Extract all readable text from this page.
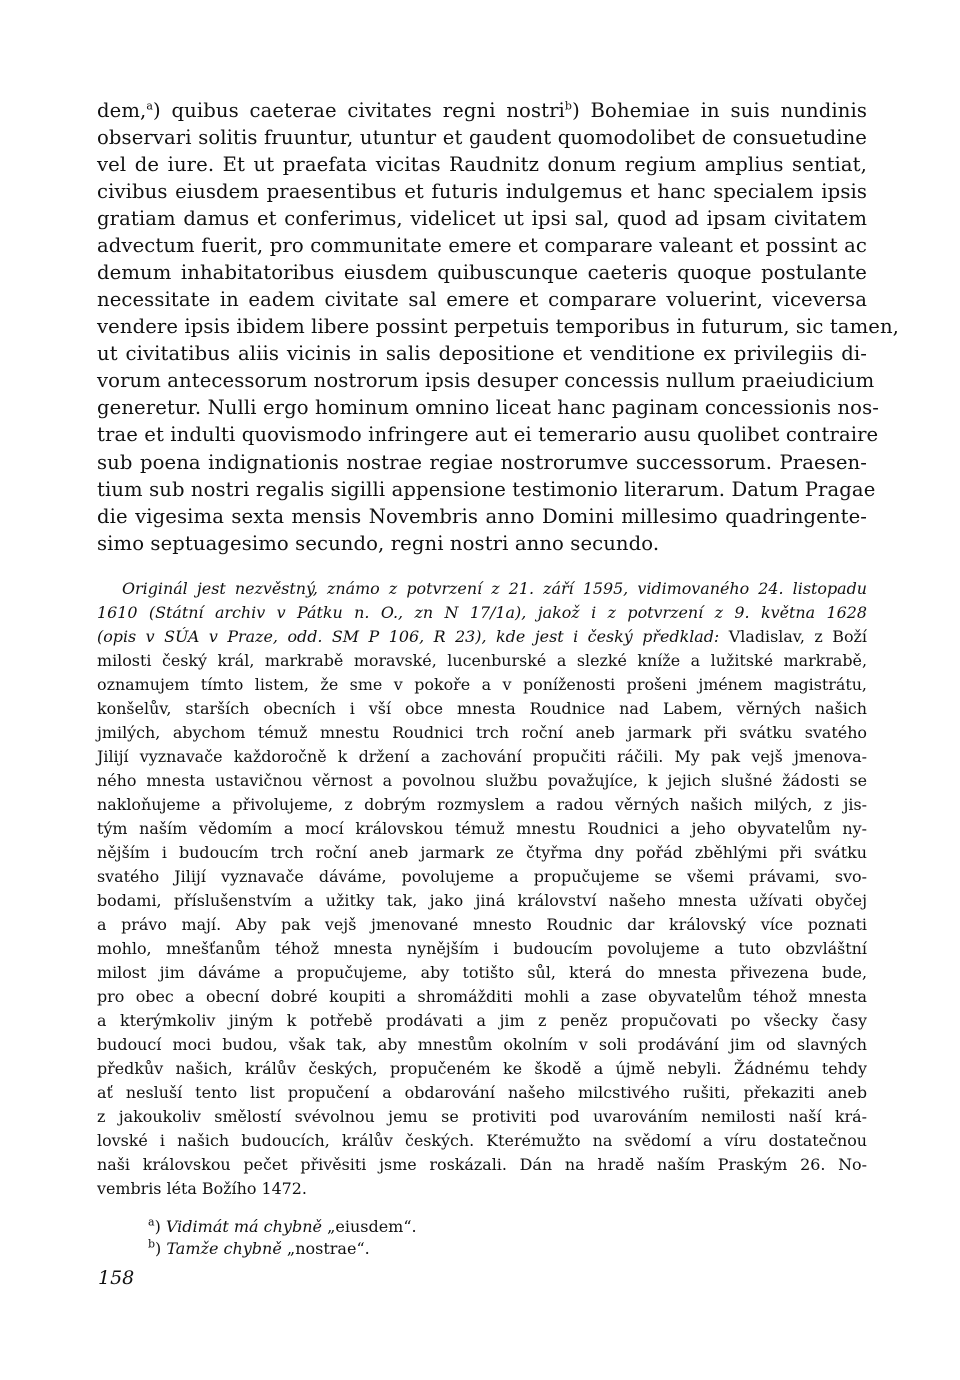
dem,$^a$) quibus caeterae civitates regni nostri$^b$) Bohemiae in suis nundinis
observari solitis fruuntur, utuntur et gaudent quomodolibet de consuetudine
vel de iure. Et ut praefata vicitas Raudnitz donum regium amplius sentiat,
civibus eiusdem praesentibus et futuris indulgemus et hanc specialem ipsis
gratiam damus et conferimus, videlicet ut ipsi sal, quod ad ipsam civitatem
advectum fuerit, pro communitate emere et comparare valeant et possint ac
demum inhabitatoribus eiusdem quibuscunque caeteris quoque postulante
necessitate in eadem civitate sal emere et comparare voluerint, viceversa
vendere ipsis ibidem libere possint perpetuis temporibus in futurum, sic tamen,
ut civitatibus aliis vicinis in salis depositione et venditione ex privilegiis di-
vorum antecessorum nostrorum ipsis desuper concessis nullum praeiudicium
generetur. Nulli ergo hominum omnino liceat hanc paginam concessionis nos-
trae et indulti quovismodo infringere aut ei temerario ausu quolibet contraire
sub poena indignationis nostrae regiae nostrorumve successorum. Praesen-
tium sub nostri regalis sigilli appensione testimonio literarum. Datum Pragae
die vigesima sexta mensis Novembris anno Domini millesimo quadringente-
simo septuagesimo secundo, regni nostri anno secundo.
Originál jest nezvěstný, známo z potvrzení z 21. září 1595, vidimovaného 24. listopadu
1610 (Státní archiv v Pátku n. O., zn N 17/1a), jakož i z potvrzení z 9. května 1628
(opis v SÚA v Praze, odd. SM P 106, R 23), kde jest i český předklad: Vladislav, z Boží
milosti český král, markrabě moravské, lucenburské a slezké kníže a lužitské markrabě,
oznamujem tímto listem, že sme v pokoře a v poníženosti prošeni jménem magistrátu,
konšelův, starších obecních i vší obce mnesta Roudnice nad Labem, věrných našich
jmilých, abychom témuž mnestu Roudnici trch roční aneb jarmark při svátku svatého
Jilijí vyznavače každoročně k držení a zachování propučiti ráčili. My pak vejš jmenova-
ného mnesta ustavičnou věrnost a povolnou službu považujíce, k jejich slušné žádosti se
nakloňujeme a přivolujeme, z dobrým rozmyslem a radou věrných našich milých, z jis-
tým naším vědomím a mocí královskou témuž mnestu Roudnici a jeho obyvatelům ny-
nějším i budoucím trch roční aneb jarmark ze čtyřma dny pořád zběhlými při svátku
svatého Jilijí vyznavače dáváme, povolujeme a propučujeme se všemi právami, svo-
bodami, příslušenstvím a užitky tak, jako jiná království našeho mnesta užívati obyčej
a právo mají. Aby pak vejš jmenované mnesto Roudnic dar královský více poznati
mohlo, mnešťanům téhož mnesta nynějším i budoucím povolujeme a tuto obzvláštní
milost jim dáváme a propučujeme, aby totišto sůl, která do mnesta přivezena bude,
pro obec a obecní dobré koupiti a shromážditi mohli a zase obyvatelům téhož mnesta
a kterýmkoliv jiným k potřebě prodávati a jim z peněz propučovati po všecky časy
budoucí moci budou, však tak, aby mnestům okolním v soli prodávání jim od slavných
předkův našich, králův českých, propučeném ke škodě a újmě nebyli. Žádnému tehdy
ať nesluší tento list propučení a obdarování našeho milcstivého rušiti, překaziti aneb
z jakoukoliv smělostí svévolnou jemu se protiviti pod uvarováním nemilosti naší krá-
lovské i našich budoucích, králův českých. Kterémužto na svědomí a víru dostatečnou
naši královskou pečet přivěsiti jsme roskázali. Dán na hradě naším Praským 26. No-
vembris léta Božího 1472.
$^a$) Vidimát má chybně „eiusdem“.
$^b$) Tamže chybně „nostrae“.
158
